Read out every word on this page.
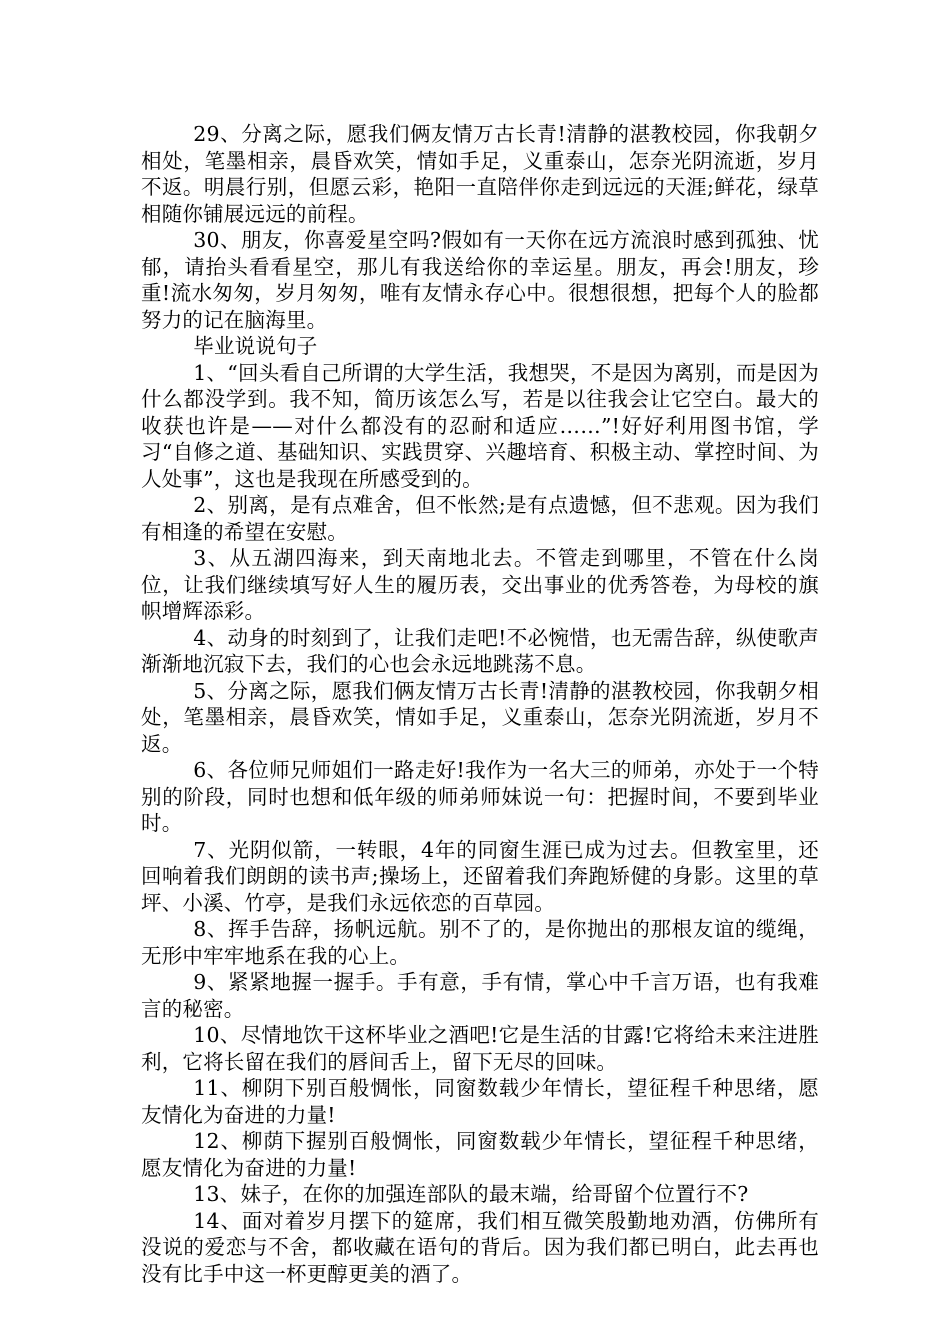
29、分离之际，愿我们俩友情万古长青!清静的湛教校园，你我朝夕相处，笔墨相亲，晨昏欢笑，情如手足，义重泰山，怎奈光阴流逝，岁月不返。明晨行别，但愿云彩，艳阳一直陪伴你走到远远的天涯;鲜花，绿草相随你铺展远远的前程。

30、朋友，你喜爱星空吗?假如有一天你在远方流浪时感到孤独、忧郁，请抬头看看星空，那儿有我送给你的幸运星。朋友，再会!朋友，珍重!流水匆匆，岁月匆匆，唯有友情永存心中。很想很想，把每个人的脸都努力的记在脑海里。

毕业说说句子

1、“回头看自己所谓的大学生活，我想哭，不是因为离别，而是因为什么都没学到。我不知，简历该怎么写，若是以往我会让它空白。最大的收获也许是——对什么都没有的忍耐和适应……”!好好利用图书馆，学习“自修之道、基础知识、实践贯穿、兴趣培育、积极主动、掌控时间、为人处事”，这也是我现在所感受到的。

2、别离，是有点难舍，但不怅然;是有点遗憾，但不悲观。因为我们有相逢的希望在安慰。

3、从五湖四海来，到天南地北去。不管走到哪里，不管在什么岗位，让我们继续填写好人生的履历表，交出事业的优秀答卷，为母校的旗帜增辉添彩。

4、动身的时刻到了，让我们走吧!不必惋惜，也无需告辞，纵使歌声渐渐地沉寂下去，我们的心也会永远地跳荡不息。

5、分离之际，愿我们俩友情万古长青!清静的湛教校园，你我朝夕相处，笔墨相亲，晨昏欢笑，情如手足，义重泰山，怎奈光阴流逝，岁月不返。

6、各位师兄师姐们一路走好!我作为一名大三的师弟，亦处于一个特别的阶段，同时也想和低年级的师弟师妹说一句：把握时间，不要到毕业时。

7、光阴似箭，一转眼，4年的同窗生涯已成为过去。但教室里，还回响着我们朗朗的读书声;操场上，还留着我们奔跑矫健的身影。这里的草坪、小溪、竹亭，是我们永远依恋的百草园。

8、挥手告辞，扬帆远航。别不了的，是你抛出的那根友谊的缆绳，无形中牢牢地系在我的心上。

9、紧紧地握一握手。手有意，手有情，掌心中千言万语，也有我难言的秘密。

10、尽情地饮干这杯毕业之酒吧!它是生活的甘露!它将给未来注进胜利，它将长留在我们的唇间舌上，留下无尽的回味。

11、柳阴下别百般惆怅，同窗数载少年情长，望征程千种思绪，愿友情化为奋进的力量!

12、柳荫下握别百般惆怅，同窗数载少年情长，望征程千种思绪，愿友情化为奋进的力量!

13、妹子，在你的加强连部队的最末端，给哥留个位置行不?

14、面对着岁月摆下的筵席，我们相互微笑殷勤地劝酒，仿佛所有没说的爱恋与不舍，都收藏在语句的背后。因为我们都已明白，此去再也没有比手中这一杯更醇更美的酒了。
